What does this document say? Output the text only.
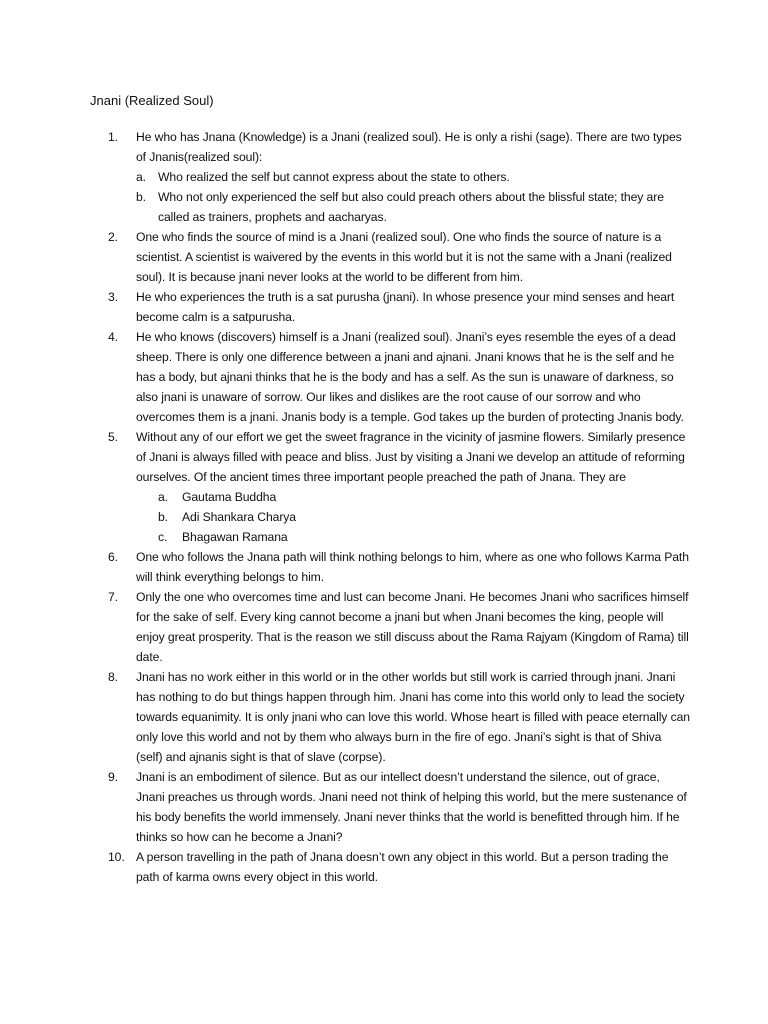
Jnani (Realized Soul)
1.	He who has Jnana (Knowledge) is a Jnani (realized soul). He is only a rishi (sage). There are two types of Jnanis(realized soul):
a. Who realized the self but cannot express about the state to others.
b. Who not only experienced the self but also could preach others about the blissful state; they are called as trainers, prophets and aacharyas.
2.	One who finds the source of mind is a Jnani (realized soul). One who finds the source of nature is a scientist. A scientist is waivered by the events in this world but it is not the same with a Jnani (realized soul). It is because jnani never looks at the world to be different from him.
3.	He who experiences the truth is a sat purusha (jnani). In whose presence your mind senses and heart become calm is a satpurusha.
4.	He who knows (discovers) himself is a Jnani (realized soul). Jnani’s eyes resemble the eyes of a dead sheep. There is only one difference between a jnani and ajnani. Jnani knows that he is the self and he has a body, but ajnani thinks that he is the body and has a self. As the sun is unaware of darkness, so also jnani is unaware of sorrow. Our likes and dislikes are the root cause of our sorrow and who overcomes them is a jnani. Jnanis body is a temple. God takes up the burden of protecting Jnanis body.
5.	Without any of our effort we get the sweet fragrance in the vicinity of jasmine flowers. Similarly presence of Jnani is always filled with peace and bliss. Just by visiting a Jnani we develop an attitude of reforming ourselves. Of the ancient times three important people preached the path of Jnana. They are
a.	Gautama Buddha
b.	Adi Shankara Charya
c.	Bhagawan Ramana
6.	One who follows the Jnana path will think nothing belongs to him, where as one who follows Karma Path will think everything belongs to him.
7.	Only the one who overcomes time and lust can become Jnani. He becomes Jnani who sacrifices himself for the sake of self. Every king cannot become a jnani but when Jnani becomes the king, people will enjoy great prosperity. That is the reason we still discuss about the Rama Rajyam (Kingdom of Rama) till date.
8.	Jnani has no work either in this world or in the other worlds but still work is carried through jnani. Jnani has nothing to do but things happen through him. Jnani has come into this world only to lead the society towards equanimity. It is only jnani who can love this world. Whose heart is filled with peace eternally can only love this world and not by them who always burn in the fire of ego. Jnani’s sight is that of Shiva (self) and ajnanis sight is that of slave (corpse).
9.	Jnani is an embodiment of silence. But as our intellect doesn’t understand the silence, out of grace, Jnani preaches us through words. Jnani need not think of helping this world, but the mere sustenance of his body benefits the world immensely. Jnani never thinks that the world is benefitted through him. If he thinks so how can he become a Jnani?
10. A person travelling in the path of Jnana doesn’t own any object in this world. But a person trading the path of karma owns every object in this world.
